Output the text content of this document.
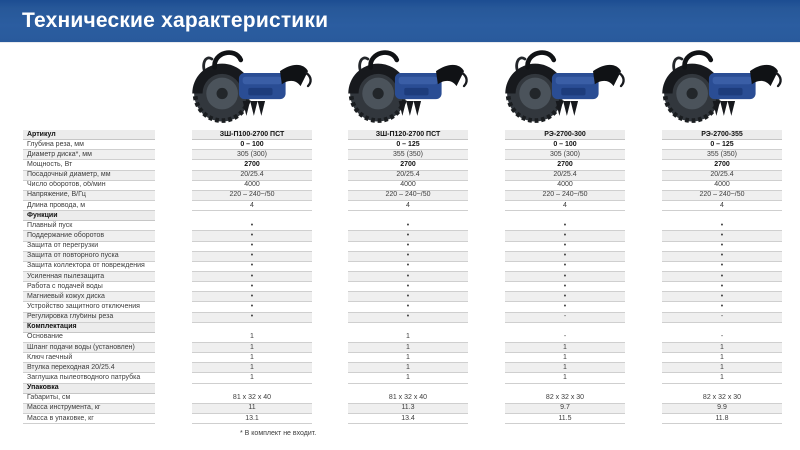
Технические характеристики
Артикул	ЗШ-П100-2700 ПСТ	ЗШ-П120-2700 ПСТ	РЭ-2700-300	РЭ-2700-355
Глубина реза, мм	0 – 100	0 – 125	0 – 100	0 – 125
Диаметр диска*, мм	305 (300)	355 (350)	305 (300)	355 (350)
Мощность, Вт	2700	2700	2700	2700
Посадочный диаметр, мм	20/25.4	20/25.4	20/25.4	20/25.4
Число оборотов, об/мин	4000	4000	4000	4000
Напряжение, В/Гц	220 – 240~/50	220 – 240~/50	220 – 240~/50	220 – 240~/50
Длина провода, м	4	4	4	4
Функции
Плавный пуск	•	•	•	•
Поддержание оборотов	•	•	•	•
Защита от перегрузки	•	•	•	•
Защита от повторного пуска	•	•	•	•
Защита коллектора от повреждения	•	•	•	•
Усиленная пылезащита	•	•	•	•
Работа с подачей воды	•	•	•	•
Магниевый кожух диска	•	•	•	•
Устройство защитного отключения	•	•	•	•
Регулировка глубины реза	•	•	-	-
Комплектация
Основание	1	1	-	-
Шланг подачи воды (установлен)	1	1	1	1
Ключ гаечный	1	1	1	1
Втулка переходная 20/25.4	1	1	1	1
Заглушка пылеотводного патрубка	1	1	1	1
Упаковка
Габариты, см	81 x 32 x 40	81 x 32 x 40	82 x 32 x 30	82 x 32 x 30
Масса инструмента, кг	11	11.3	9.7	9.9
Масса в упаковке, кг	13.1	13.4	11.5	11.8
* В комплект не входит.
